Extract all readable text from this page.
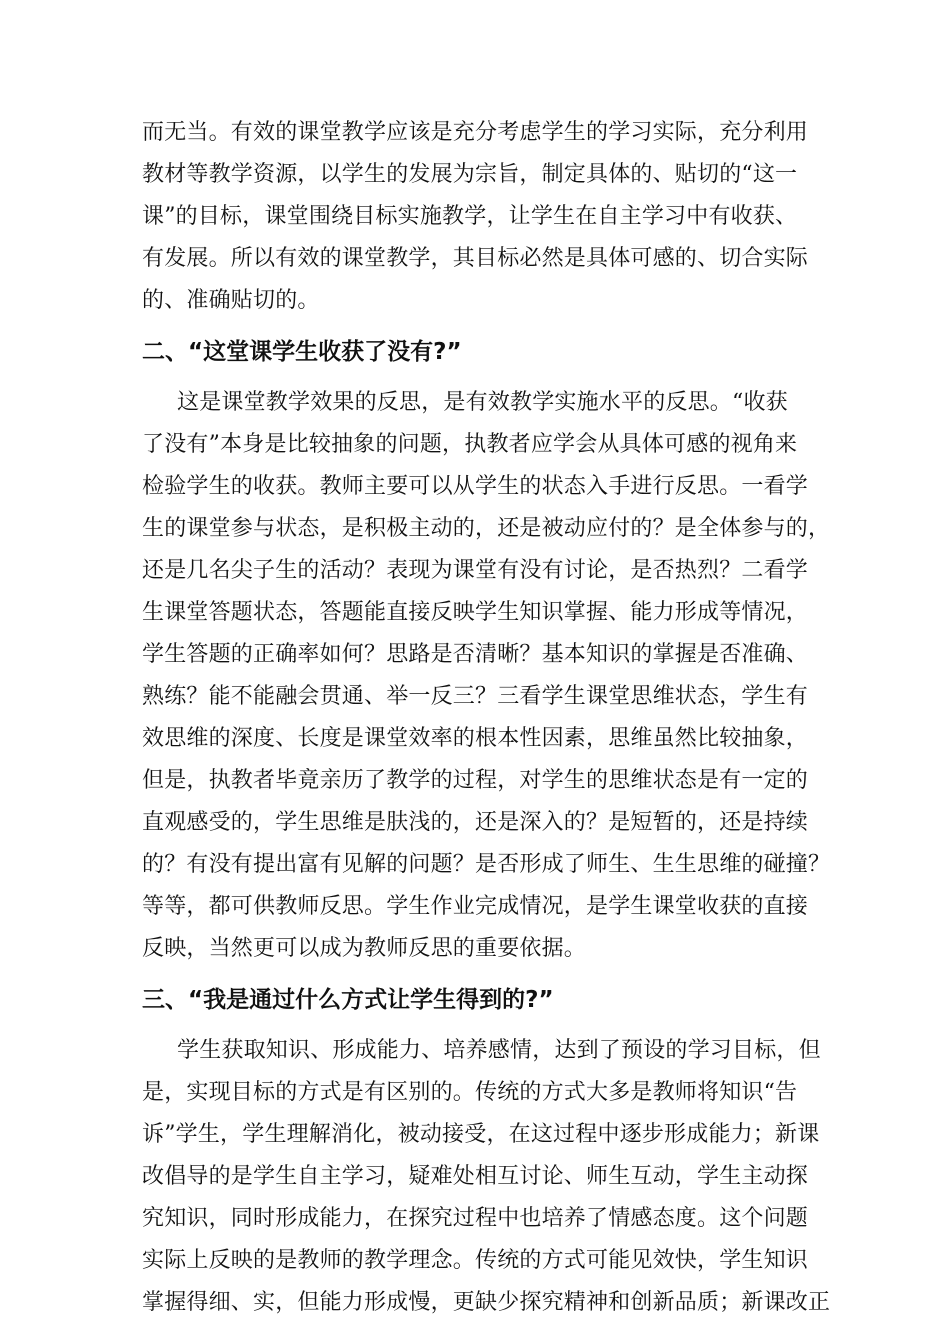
而无当。有效的课堂教学应该是充分考虑学生的学习实际，充分利用
教材等教学资源，以学生的发展为宗旨，制定具体的、贴切的“这一
课”的目标，课堂围绕目标实施教学，让学生在自主学习中有收获、
有发展。所以有效的课堂教学，其目标必然是具体可感的、切合实际
的、准确贴切的。
二、“这堂课学生收获了没有?”
这是课堂教学效果的反思，是有效教学实施水平的反思。“收获
了没有”本身是比较抽象的问题，执教者应学会从具体可感的视角来
检验学生的收获。教师主要可以从学生的状态入手进行反思。一看学
生的课堂参与状态，是积极主动的，还是被动应付的？是全体参与的，
还是几名尖子生的活动？表现为课堂有没有讨论，是否热烈？二看学
生课堂答题状态，答题能直接反映学生知识掌握、能力形成等情况，
学生答题的正确率如何？思路是否清晰？基本知识的掌握是否准确、
熟练？能不能融会贯通、举一反三？三看学生课堂思维状态，学生有
效思维的深度、长度是课堂效率的根本性因素，思维虽然比较抽象，
但是，执教者毕竟亲历了教学的过程，对学生的思维状态是有一定的
直观感受的，学生思维是肤浅的，还是深入的？是短暂的，还是持续
的？有没有提出富有见解的问题？是否形成了师生、生生思维的碰撞？
等等，都可供教师反思。学生作业完成情况，是学生课堂收获的直接
反映，当然更可以成为教师反思的重要依据。
三、“我是通过什么方式让学生得到的?”
学生获取知识、形成能力、培养感情，达到了预设的学习目标，但
是，实现目标的方式是有区别的。传统的方式大多是教师将知识“告
诉”学生，学生理解消化，被动接受，在这过程中逐步形成能力；新课
改倡导的是学生自主学习，疑难处相互讨论、师生互动，学生主动探
究知识，同时形成能力，在探究过程中也培养了情感态度。这个问题
实际上反映的是教师的教学理念。传统的方式可能见效快，学生知识
掌握得细、实，但能力形成慢，更缺少探究精神和创新品质；新课改正
